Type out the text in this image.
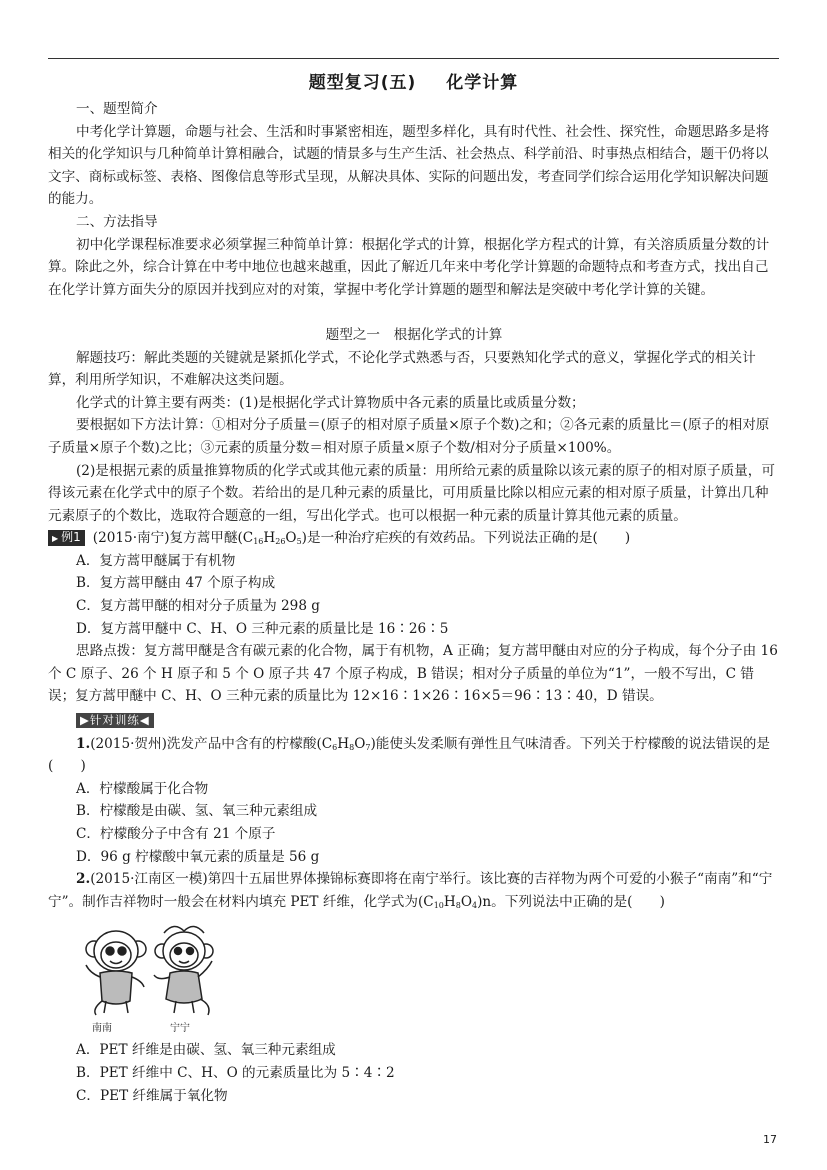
题型复习(五) 化学计算

一、题型简介

中考化学计算题，命题与社会、生活和时事紧密相连，题型多样化，具有时代性、社会性、探究性，命题思路多是将相关的化学知识与几种简单计算相融合，试题的情景多与生产生活、社会热点、科学前沿、时事热点相结合，题干仍将以文字、商标或标签、表格、图像信息等形式呈现，从解决具体、实际的问题出发，考查同学们综合运用化学知识解决问题的能力。

二、方法指导

初中化学课程标准要求必须掌握三种简单计算：根据化学式的计算，根据化学方程式的计算，有关溶质质量分数的计算。除此之外，综合计算在中考中地位也越来越重，因此了解近几年来中考化学计算题的命题特点和考查方式，找出自己在化学计算方面失分的原因并找到应对的对策，掌握中考化学计算题的题型和解法是突破中考化学计算的关键。

题型之一　根据化学式的计算

解题技巧：解此类题的关键就是紧抓化学式，不论化学式熟悉与否，只要熟知化学式的意义，掌握化学式的相关计算，利用所学知识，不难解决这类问题。

化学式的计算主要有两类：(1)是根据化学式计算物质中各元素的质量比或质量分数；

要根据如下方法计算：①相对分子质量＝(原子的相对原子质量×原子个数)之和；②各元素的质量比＝(原子的相对原子质量×原子个数)之比；③元素的质量分数＝相对原子质量×原子个数/相对分子质量×100%。

(2)是根据元素的质量推算物质的化学式或其他元素的质量：用所给元素的质量除以该元素的原子的相对原子质量，可得该元素在化学式中的原子个数。若给出的是几种元素的质量比，可用质量比除以相应元素的相对原子质量，计算出几种元素原子的个数比，选取符合题意的一组，写出化学式。也可以根据一种元素的质量计算其他元素的质量。

▶ 例1 (2015·南宁)复方蒿甲醚$(C_{16}H_{26}O_5)$是一种治疗疟疾的有效药品。下列说法正确的是(　　)

A．复方蒿甲醚属于有机物

B．复方蒿甲醚由 47 个原子构成

C．复方蒿甲醚的相对分子质量为 298 g

D．复方蒿甲醚中 C、H、O 三种元素的质量比是 16∶26∶5

思路点拨：复方蒿甲醚是含有碳元素的化合物，属于有机物，A 正确；复方蒿甲醚由对应的分子构成，每个分子由 16 个 C 原子、26 个 H 原子和 5 个 O 原子共 47 个原子构成，B 错误；相对分子质量的单位为“1”，一般不写出，C 错误；复方蒿甲醚中 C、H、O 三种元素的质量比为 12×16∶1×26∶16×5＝96∶13∶40，D 错误。

▶针对训练◀

1.(2015·贺州)洗发产品中含有的柠檬酸$(C_6H_8O_7)$能使头发柔顺有弹性且气味清香。下列关于柠檬酸的说法错误的是(　　)

A．柠檬酸属于化合物

B．柠檬酸是由碳、氢、氧三种元素组成

C．柠檬酸分子中含有 21 个原子

D．96 g 柠檬酸中氧元素的质量是 56 g

2.(2015·江南区一模)第四十五届世界体操锦标赛即将在南宁举行。该比赛的吉祥物为两个可爱的小猴子“南南”和“宁宁”。制作吉祥物时一般会在材料内填充 PET 纤维，化学式为$(C_{10}H_8O_4)n$。下列说法中正确的是(　　)

南南	宁宁

A．PET 纤维是由碳、氢、氧三种元素组成

B．PET 纤维中 C、H、O 的元素质量比为 5∶4∶2

C．PET 纤维属于氧化物

17
